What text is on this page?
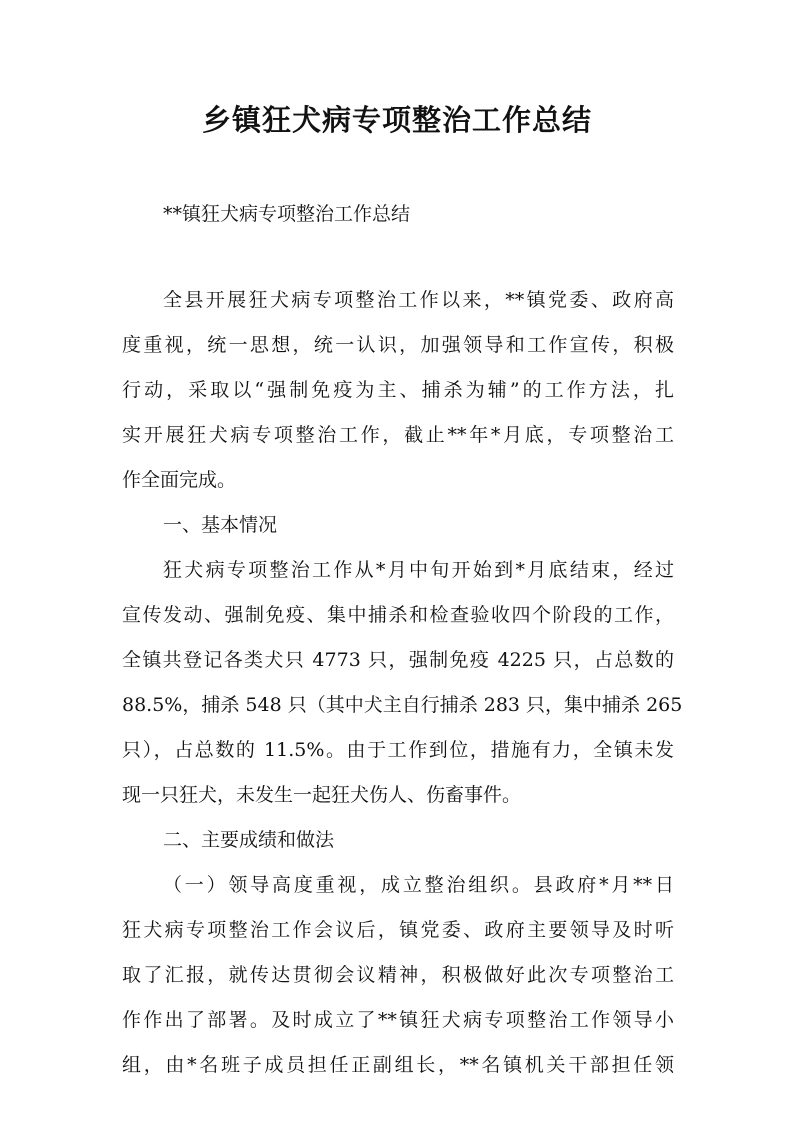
乡镇狂犬病专项整治工作总结

**镇狂犬病专项整治工作总结

全县开展狂犬病专项整治工作以来，**镇党委、政府高
度重视，统一思想，统一认识，加强领导和工作宣传，积极
行动，采取以“强制免疫为主、捕杀为辅”的工作方法，扎
实开展狂犬病专项整治工作，截止**年*月底，专项整治工
作全面完成。
一、基本情况
狂犬病专项整治工作从*月中旬开始到*月底结束，经过
宣传发动、强制免疫、集中捕杀和检查验收四个阶段的工作，
全镇共登记各类犬只 4773 只，强制免疫 4225 只，占总数的
88.5%，捕杀 548 只（其中犬主自行捕杀 283 只，集中捕杀 265
只），占总数的 11.5%。由于工作到位，措施有力，全镇未发
现一只狂犬，未发生一起狂犬伤人、伤畜事件。
二、主要成绩和做法
（一）领导高度重视，成立整治组织。县政府*月**日
狂犬病专项整治工作会议后，镇党委、政府主要领导及时听
取了汇报，就传达贯彻会议精神，积极做好此次专项整治工
作作出了部署。及时成立了**镇狂犬病专项整治工作领导小
组，由*名班子成员担任正副组长，**名镇机关干部担任领
